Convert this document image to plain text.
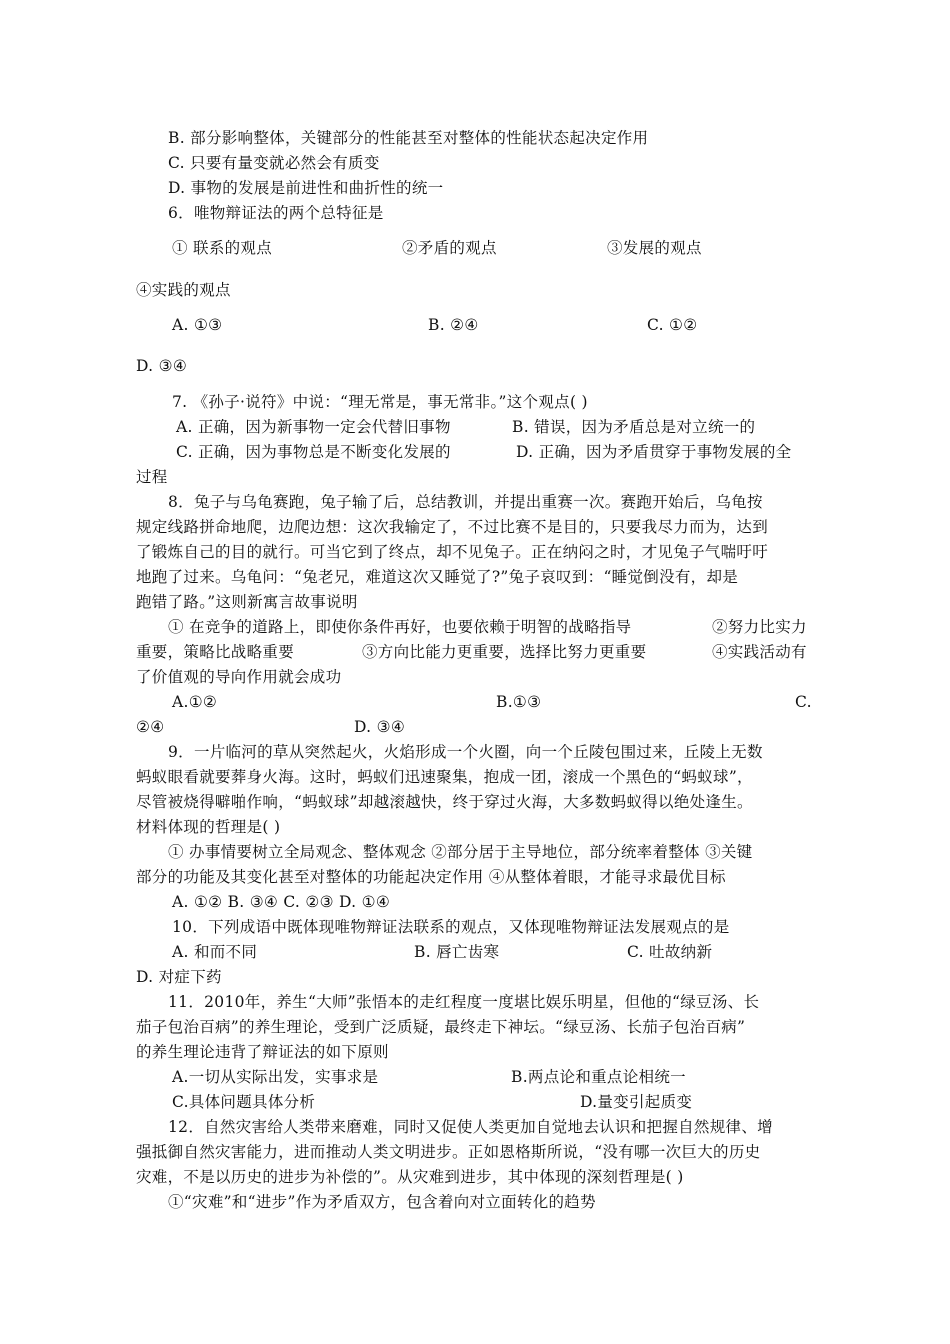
B. 部分影响整体，关键部分的性能甚至对整体的性能状态起决定作用
C. 只要有量变就必然会有质变
D. 事物的发展是前进性和曲折性的统一
6．唯物辩证法的两个总特征是
① 联系的观点	②矛盾的观点	③发展的观点
④实践的观点
A. ①③	B. ②④	C. ①②
D. ③④
7. 《孙子·说符》中说：“理无常是，事无常非。”这个观点( )
A. 正确，因为新事物一定会代替旧事物	B. 错误，因为矛盾总是对立统一的
C. 正确，因为事物总是不断变化发展的	D. 正确，因为矛盾贯穿于事物发展的全
过程
8．兔子与乌龟赛跑，兔子输了后，总结教训，并提出重赛一次。赛跑开始后，乌龟按
规定线路拼命地爬，边爬边想：这次我输定了，不过比赛不是目的，只要我尽力而为，达到
了锻炼自己的目的就行。可当它到了终点，却不见兔子。正在纳闷之时，才见兔子气喘吁吁
地跑了过来。乌龟问：“兔老兄，难道这次又睡觉了?”兔子哀叹到：“睡觉倒没有，却是
跑错了路。”这则新寓言故事说明
① 在竞争的道路上，即使你条件再好，也要依赖于明智的战略指导	②努力比实力
重要，策略比战略重要	③方向比能力更重要，选择比努力更重要	④实践活动有
了价值观的导向作用就会成功
A.①②	B.①③	C.
②④	D. ③④
9．一片临河的草从突然起火，火焰形成一个火圈，向一个丘陵包围过来，丘陵上无数
蚂蚁眼看就要葬身火海。这时，蚂蚁们迅速聚集，抱成一团，滚成一个黑色的“蚂蚁球”，
尽管被烧得噼啪作响，“蚂蚁球”却越滚越快，终于穿过火海，大多数蚂蚁得以绝处逢生。
材料体现的哲理是( )
① 办事情要树立全局观念、整体观念 ②部分居于主导地位，部分统率着整体 ③关键
部分的功能及其变化甚至对整体的功能起决定作用 ④从整体着眼，才能寻求最优目标
A. ①② B. ③④ C. ②③ D. ①④
10．下列成语中既体现唯物辩证法联系的观点，又体现唯物辩证法发展观点的是
A. 和而不同	B. 唇亡齿寒	C. 吐故纳新
D. 对症下药
11．2010年，养生“大师”张悟本的走红程度一度堪比娱乐明星，但他的“绿豆汤、长
茄子包治百病”的养生理论，受到广泛质疑，最终走下神坛。“绿豆汤、长茄子包治百病”
的养生理论违背了辩证法的如下原则
A.一切从实际出发，实事求是	B.两点论和重点论相统一
C.具体问题具体分析	D.量变引起质变
12．自然灾害给人类带来磨难，同时又促使人类更加自觉地去认识和把握自然规律、增
强抵御自然灾害能力，进而推动人类文明进步。正如恩格斯所说，“没有哪一次巨大的历史
灾难，不是以历史的进步为补偿的”。从灾难到进步，其中体现的深刻哲理是( )
①“灾难”和“进步”作为矛盾双方，包含着向对立面转化的趋势
